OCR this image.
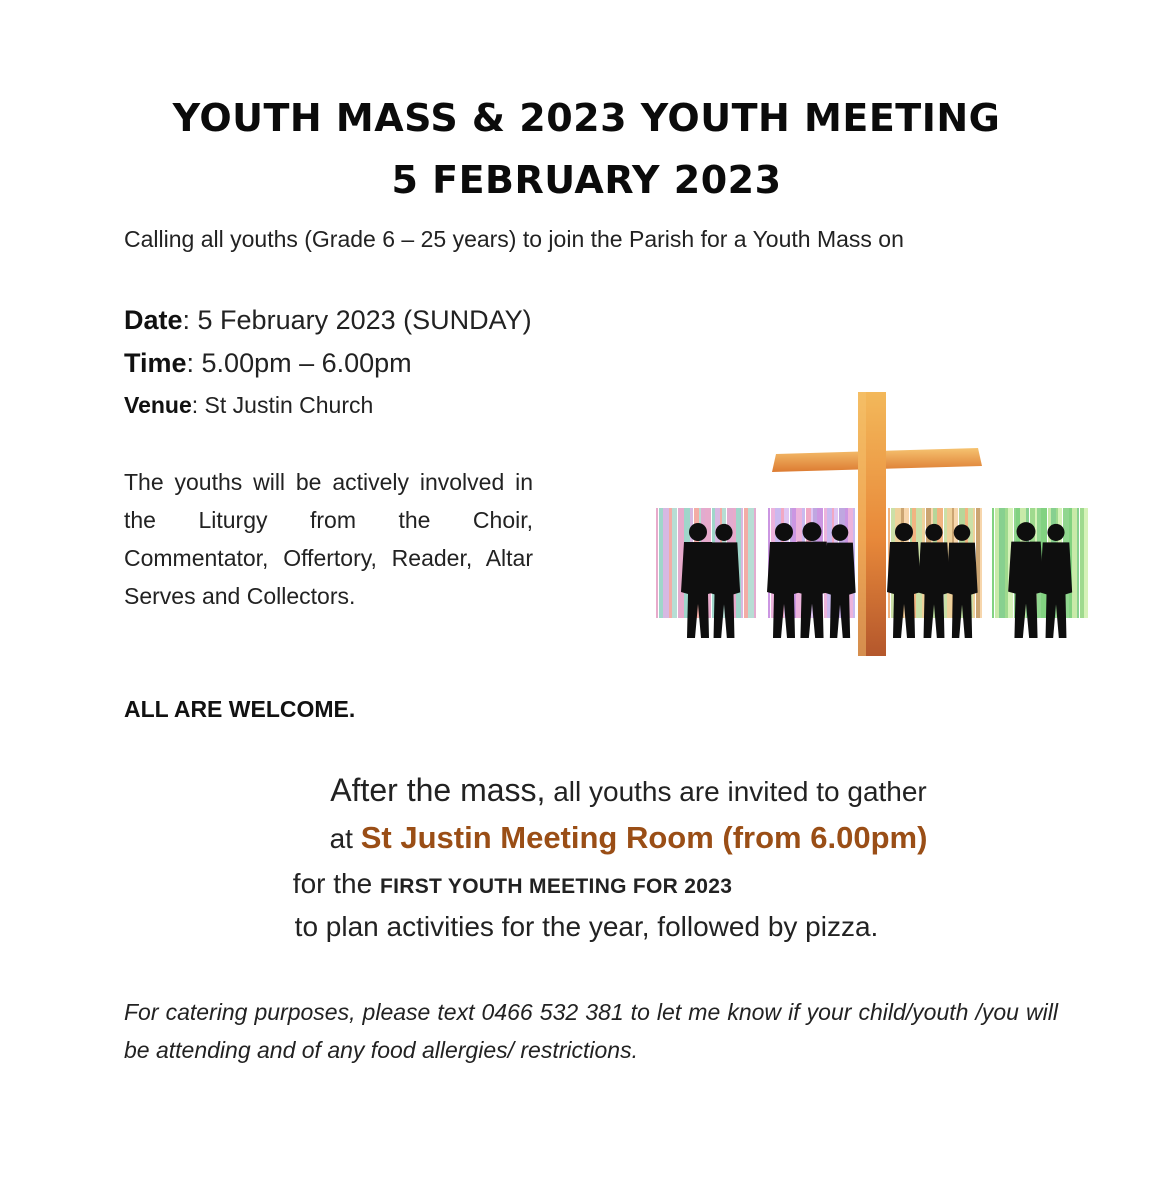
YOUTH MASS & 2023 YOUTH MEETING
5 FEBRUARY 2023
Calling all youths (Grade 6 – 25 years) to join the Parish for a Youth Mass on
Date: 5 February 2023 (SUNDAY)
Time: 5.00pm – 6.00pm
Venue: St Justin Church
The youths will be actively involved in the Liturgy from the Choir, Commentator, Offertory, Reader, Altar Serves and Collectors.
ALL ARE WELCOME.
After the mass, all youths are invited to gather
at St Justin Meeting Room (from 6.00pm)
for the FIRST YOUTH MEETING FOR 2023
to plan activities for the year, followed by pizza.
For catering purposes, please text 0466 532 381 to let me know if your child/youth /you will be attending and of any food allergies/ restrictions.
